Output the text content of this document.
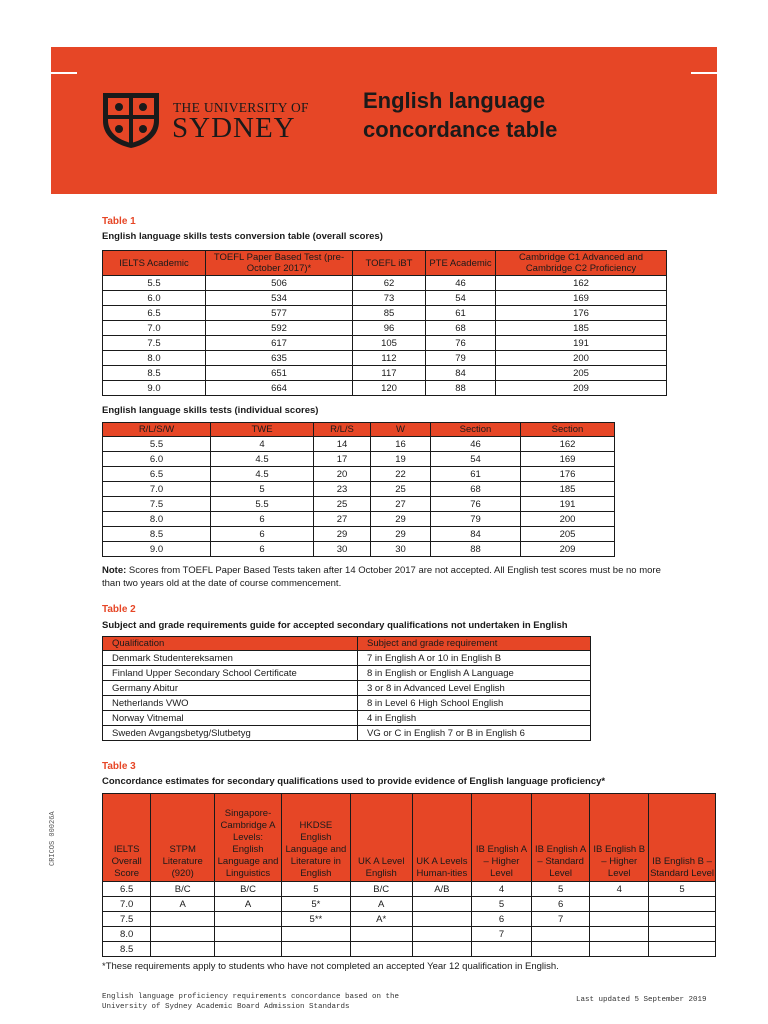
THE UNIVERSITY OF
SYDNEY
English language
concordance table
Table 1
English language skills tests conversion table (overall scores)
IELTS Academic	TOEFL Paper Based Test (pre-October 2017)*	TOEFL iBT	PTE Academic	Cambridge C1 Advanced and Cambridge C2 Proficiency
5.5	506	62	46	162
6.0	534	73	54	169
6.5	577	85	61	176
7.0	592	96	68	185
7.5	617	105	76	191
8.0	635	112	79	200
8.5	651	117	84	205
9.0	664	120	88	209
English language skills tests (individual scores)
R/L/S/W	TWE	R/L/S	W	Section	Section
5.5	4	14	16	46	162
6.0	4.5	17	19	54	169
6.5	4.5	20	22	61	176
7.0	5	23	25	68	185
7.5	5.5	25	27	76	191
8.0	6	27	29	79	200
8.5	6	29	29	84	205
9.0	6	30	30	88	209
Note: Scores from TOEFL Paper Based Tests taken after 14 October 2017 are not accepted. All English test scores must be no more than two years old at the date of course commencement.
Table 2
Subject and grade requirements guide for accepted secondary qualifications not undertaken in English
Qualification	Subject and grade requirement
Denmark Studentereksamen	7 in English A or 10 in English B
Finland Upper Secondary School Certificate	8 in English or English A Language
Germany Abitur	3 or 8 in Advanced Level English
Netherlands VWO	8 in Level 6 High School English
Norway Vitnemal	4 in English
Sweden Avgangsbetyg/Slutbetyg	VG or C in English 7 or B in English 6
Table 3
Concordance estimates for secondary qualifications used to provide evidence of English language proficiency*
IELTS Overall Score	STPM Literature (920)	Singapore-Cambridge A Levels: English Language and Linguistics	HKDSE English Language and Literature in English	UK A Level English	UK A Levels Human-ities	IB English A – Higher Level	IB English A – Standard Level	IB English B – Higher Level	IB English B – Standard Level
6.5	B/C	B/C	5	B/C	A/B	4	5	4	5
7.0	A	A	5*	A		5	6		
7.5			5**	A*		6	7		
8.0						7			
8.5									
*These requirements apply to students who have not completed an accepted Year 12 qualification in English.
CRICOS 00026A
English language proficiency requirements concordance based on the
University of Sydney Academic Board Admission Standards
Last updated 5 September 2019
